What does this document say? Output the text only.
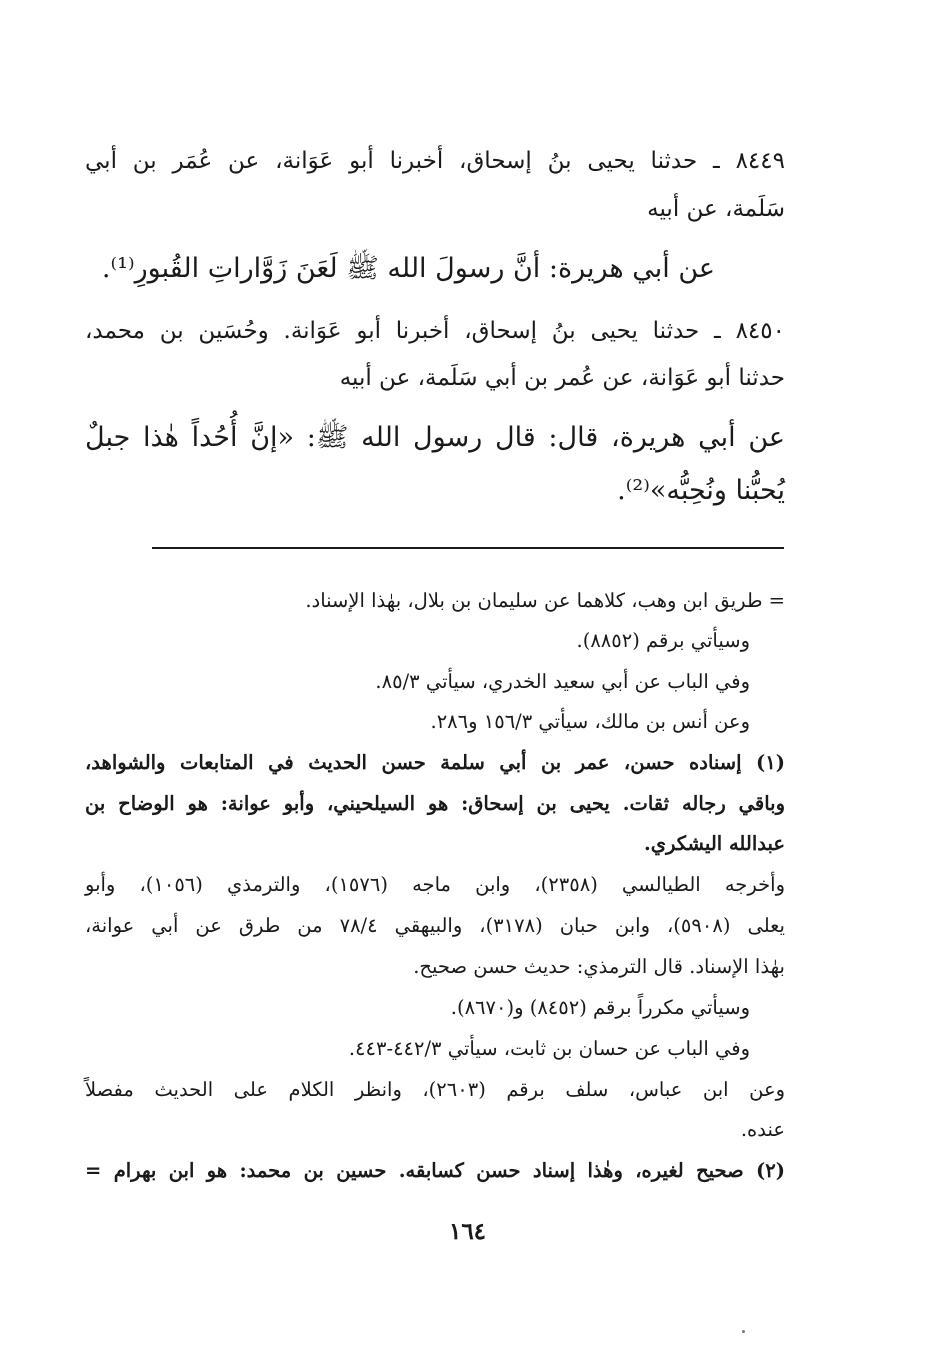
٨٤٤٩ ـ حدثنا يحيى بنُ إسحاق، أخبرنا أبو عَوَانة، عن عُمَر بن أبي
سَلَمة، عن أبيه
عن أبي هريرة: أنَّ رسولَ الله ﷺ لَعَنَ زَوَّاراتِ القُبورِ⁽¹⁾.
٨٤٥٠ ـ حدثنا يحيى بنُ إسحاق، أخبرنا أبو عَوَانة. وحُسَين بن محمد،
حدثنا أبو عَوَانة، عن عُمر بن أبي سَلَمة، عن أبيه
عن أبي هريرة، قال: قال رسول الله ﷺ: «إنَّ أُحُداً هٰذا جبلٌ
يُحبُّنا ونُحِبُّه»⁽²⁾.
= طريق ابن وهب، كلاهما عن سليمان بن بلال، بهٰذا الإسناد.
وسيأتي برقم (٨٨٥٢).
وفي الباب عن أبي سعيد الخدري، سيأتي ٨٥/٣.
وعن أنس بن مالك، سيأتي ١٥٦/٣ و٢٨٦.
(١) إسناده حسن، عمر بن أبي سلمة حسن الحديث في المتابعات والشواهد،
وباقي رجاله ثقات. يحيى بن إسحاق: هو السيلحيني، وأبو عوانة: هو الوضاح بن
عبدالله اليشكري.
وأخرجه الطيالسي (٢٣٥٨)، وابن ماجه (١٥٧٦)، والترمذي (١٠٥٦)، وأبو
يعلى (٥٩٠٨)، وابن حبان (٣١٧٨)، والبيهقي ٧٨/٤ من طرق عن أبي عوانة،
بهٰذا الإسناد. قال الترمذي: حديث حسن صحيح.
وسيأتي مكرراً برقم (٨٤٥٢) و(٨٦٧٠).
وفي الباب عن حسان بن ثابت، سيأتي ٤٤٢/٣-٤٤٣.
وعن ابن عباس، سلف برقم (٢٦٠٣)، وانظر الكلام على الحديث مفصلاً
عنده.
(٢) صحيح لغيره، وهٰذا إسناد حسن كسابقه. حسين بن محمد: هو ابن بهرام =
١٦٤
